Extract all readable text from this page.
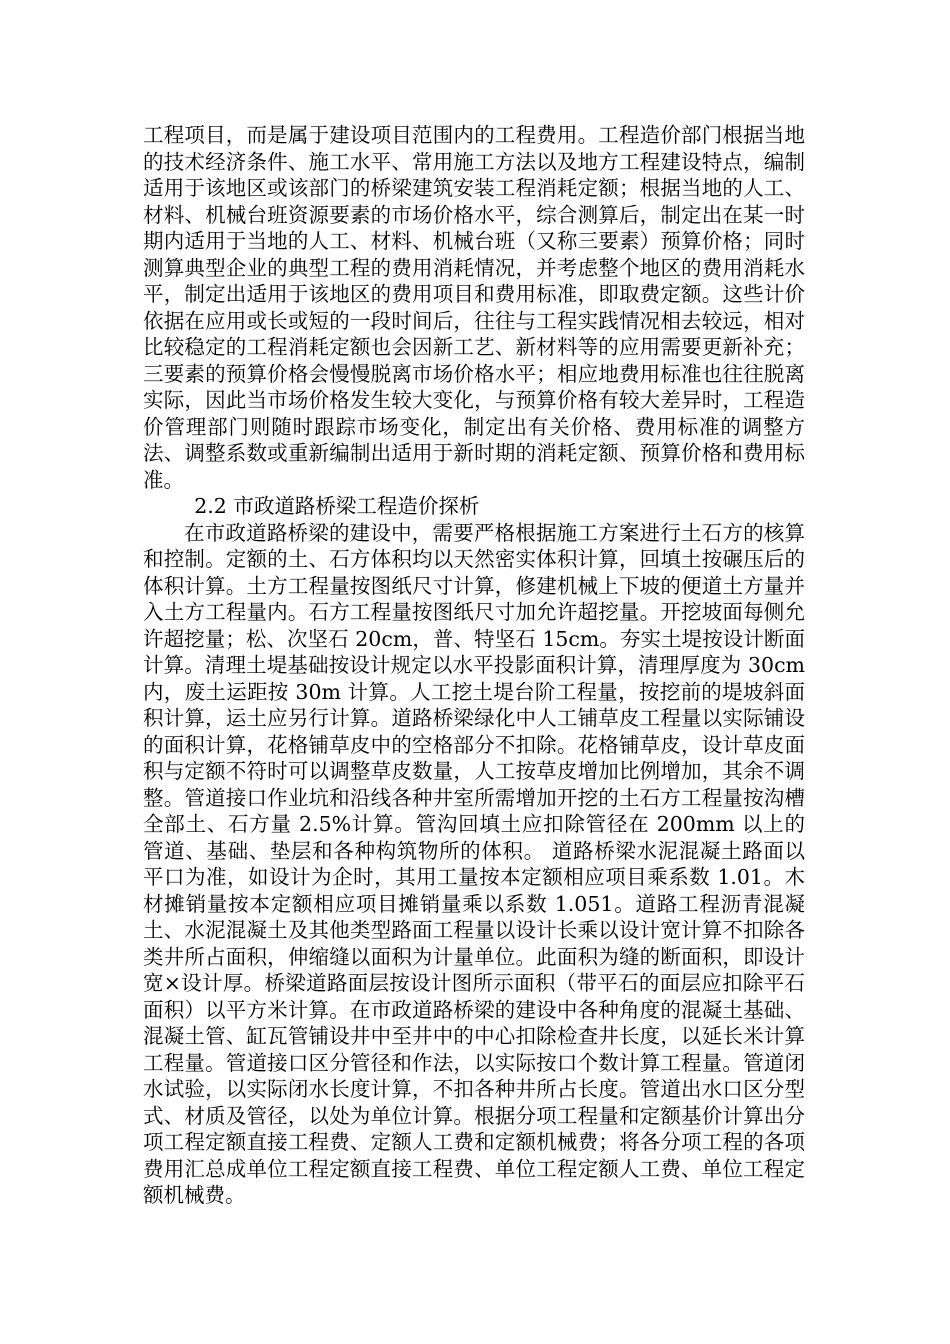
工程项目，而是属于建设项目范围内的工程费用。工程造价部门根据当地的技术经济条件、施工水平、常用施工方法以及地方工程建设特点，编制适用于该地区或该部门的桥梁建筑安装工程消耗定额；根据当地的人工、材料、机械台班资源要素的市场价格水平，综合测算后，制定出在某一时期内适用于当地的人工、材料、机械台班（又称三要素）预算价格；同时测算典型企业的典型工程的费用消耗情况，并考虑整个地区的费用消耗水平，制定出适用于该地区的费用项目和费用标准，即取费定额。这些计价依据在应用或长或短的一段时间后，往往与工程实践情况相去较远，相对比较稳定的工程消耗定额也会因新工艺、新材料等的应用需要更新补充；三要素的预算价格会慢慢脱离市场价格水平；相应地费用标准也往往脱离实际，因此当市场价格发生较大变化，与预算价格有较大差异时，工程造价管理部门则随时跟踪市场变化，制定出有关价格、费用标准的调整方法、调整系数或重新编制出适用于新时期的消耗定额、预算价格和费用标准。

2.2 市政道路桥梁工程造价探析

在市政道路桥梁的建设中，需要严格根据施工方案进行土石方的核算和控制。定额的土、石方体积均以天然密实体积计算，回填土按碾压后的体积计算。土方工程量按图纸尺寸计算，修建机械上下坡的便道土方量并入土方工程量内。石方工程量按图纸尺寸加允许超挖量。开挖坡面每侧允许超挖量；松、次坚石 20cm，普、特坚石 15cm。夯实土堤按设计断面计算。清理土堤基础按设计规定以水平投影面积计算，清理厚度为 30cm 内，废土运距按 30m 计算。人工挖土堤台阶工程量，按挖前的堤坡斜面积计算，运土应另行计算。道路桥梁绿化中人工铺草皮工程量以实际铺设的面积计算，花格铺草皮中的空格部分不扣除。花格铺草皮，设计草皮面积与定额不符时可以调整草皮数量，人工按草皮增加比例增加，其余不调整。管道接口作业坑和沿线各种井室所需增加开挖的土石方工程量按沟槽全部土、石方量 2.5%计算。管沟回填土应扣除管径在 200mm 以上的管道、基础、垫层和各种构筑物所的体积。 道路桥梁水泥混凝土路面以平口为准，如设计为企时，其用工量按本定额相应项目乘系数 1.01。木材摊销量按本定额相应项目摊销量乘以系数 1.051。道路工程沥青混凝土、水泥混凝土及其他类型路面工程量以设计长乘以设计宽计算不扣除各类井所占面积，伸缩缝以面积为计量单位。此面积为缝的断面积，即设计宽×设计厚。桥梁道路面层按设计图所示面积（带平石的面层应扣除平石面积）以平方米计算。在市政道路桥梁的建设中各种角度的混凝土基础、混凝土管、缸瓦管铺设井中至井中的中心扣除检查井长度，以延长米计算工程量。管道接口区分管径和作法，以实际按口个数计算工程量。管道闭水试验，以实际闭水长度计算，不扣各种井所占长度。管道出水口区分型式、材质及管径，以处为单位计算。根据分项工程量和定额基价计算出分项工程定额直接工程费、定额人工费和定额机械费；将各分项工程的各项费用汇总成单位工程定额直接工程费、单位工程定额人工费、单位工程定额机械费。
